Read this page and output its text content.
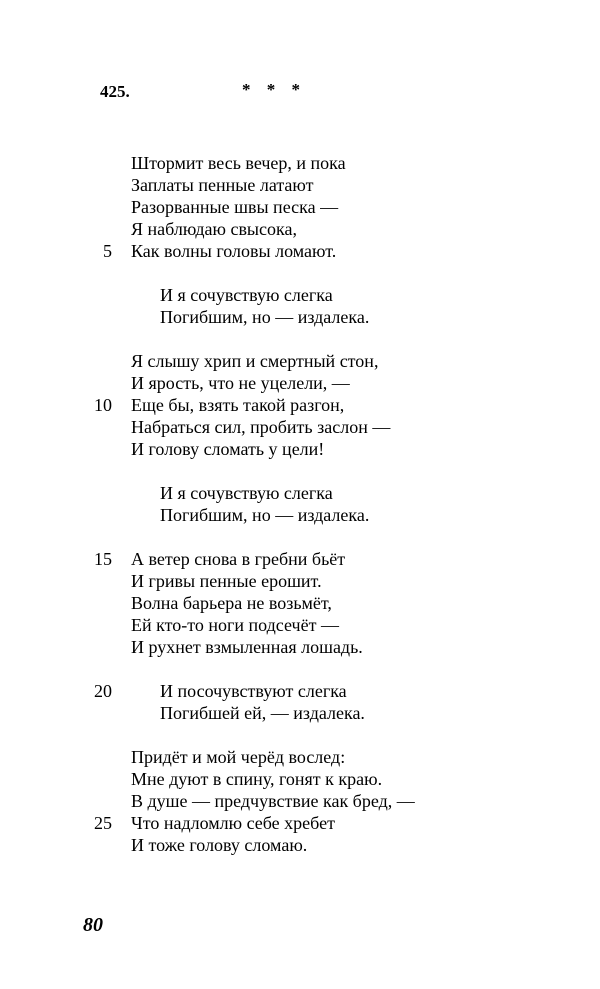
425.	* * *
Штормит весь вечер, и пока
Заплаты пенные латают
Разорванные швы песка —
Я наблюдаю свысока,
5 Как волны головы ломают.
И я сочувствую слегка
Погибшим, но — издалека.
Я слышу хрип и смертный стон,
И ярость, что не уцелели, —
10 Еще бы, взять такой разгон,
Набраться сил, пробить заслон —
И голову сломать у цели!
И я сочувствую слегка
Погибшим, но — издалека.
15 А ветер снова в гребни бьёт
И гривы пенные ерошит.
Волна барьера не возьмёт,
Ей кто-то ноги подсечёт —
И рухнет взмыленная лошадь.
20	И посочувствуют слегка
Погибшей ей, — издалека.
Придёт и мой черёд вослед:
Мне дуют в спину, гонят к краю.
В душе — предчувствие как бред, —
25 Что надломлю себе хребет
И тоже голову сломаю.
80
